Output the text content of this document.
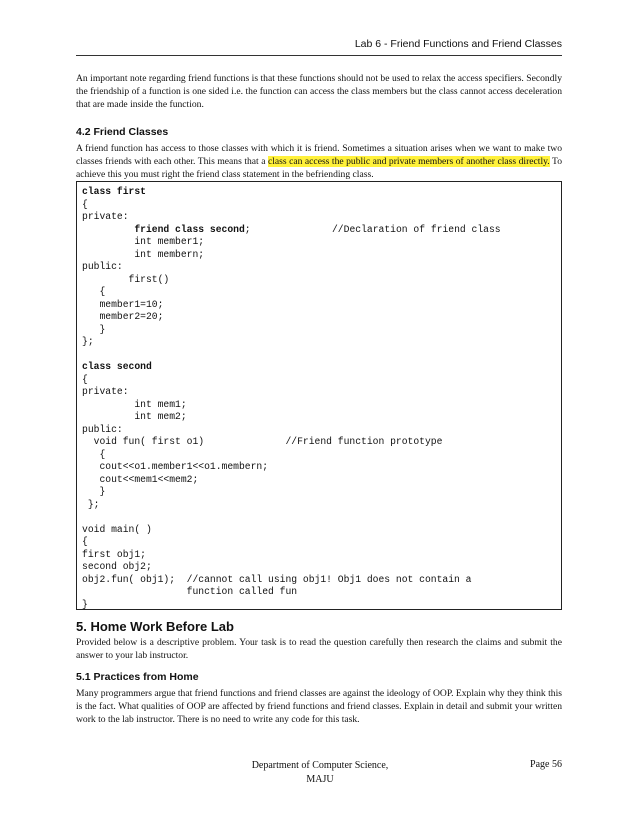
Lab 6 - Friend Functions and Friend Classes

An important note regarding friend functions is that these functions should not be used to relax the access specifiers. Secondly the friendship of a function is one sided i.e. the function can access the class members but the class cannot access deceleration that are made inside the function.

4.2 Friend Classes

A friend function has access to those classes with which it is friend. Sometimes a situation arises when we want to make two classes friends with each other. This means that a class can access the public and private members of another class directly. To achieve this you must right the friend class statement in the befriending class.

class first
{
private:
friend class second;              //Declaration of friend class
int member1;
int membern;
public:
first()
{
member1=10;
member2=20;
}
};

class second
{
private:
int mem1;
int mem2;
public:
void fun( first o1)              //Friend function prototype
{
cout<<o1.member1<<o1.membern;
cout<<mem1<<mem2;
}
};

void main( )
{
first obj1;
second obj2;
obj2.fun( obj1);  //cannot call using obj1! Obj1 does not contain a
function called fun
}
5. Home Work Before Lab

Provided below is a descriptive problem. Your task is to read the question carefully then research the claims and submit the answer to your lab instructor.

5.1 Practices from Home

Many programmers argue that friend functions and friend classes are against the ideology of OOP. Explain why they think this is the fact. What qualities of OOP are affected by friend functions and friend classes. Explain in detail and submit your written work to the lab instructor. There is no need to write any code for this task.

Department of Computer Science,
MAJU
Page 56
